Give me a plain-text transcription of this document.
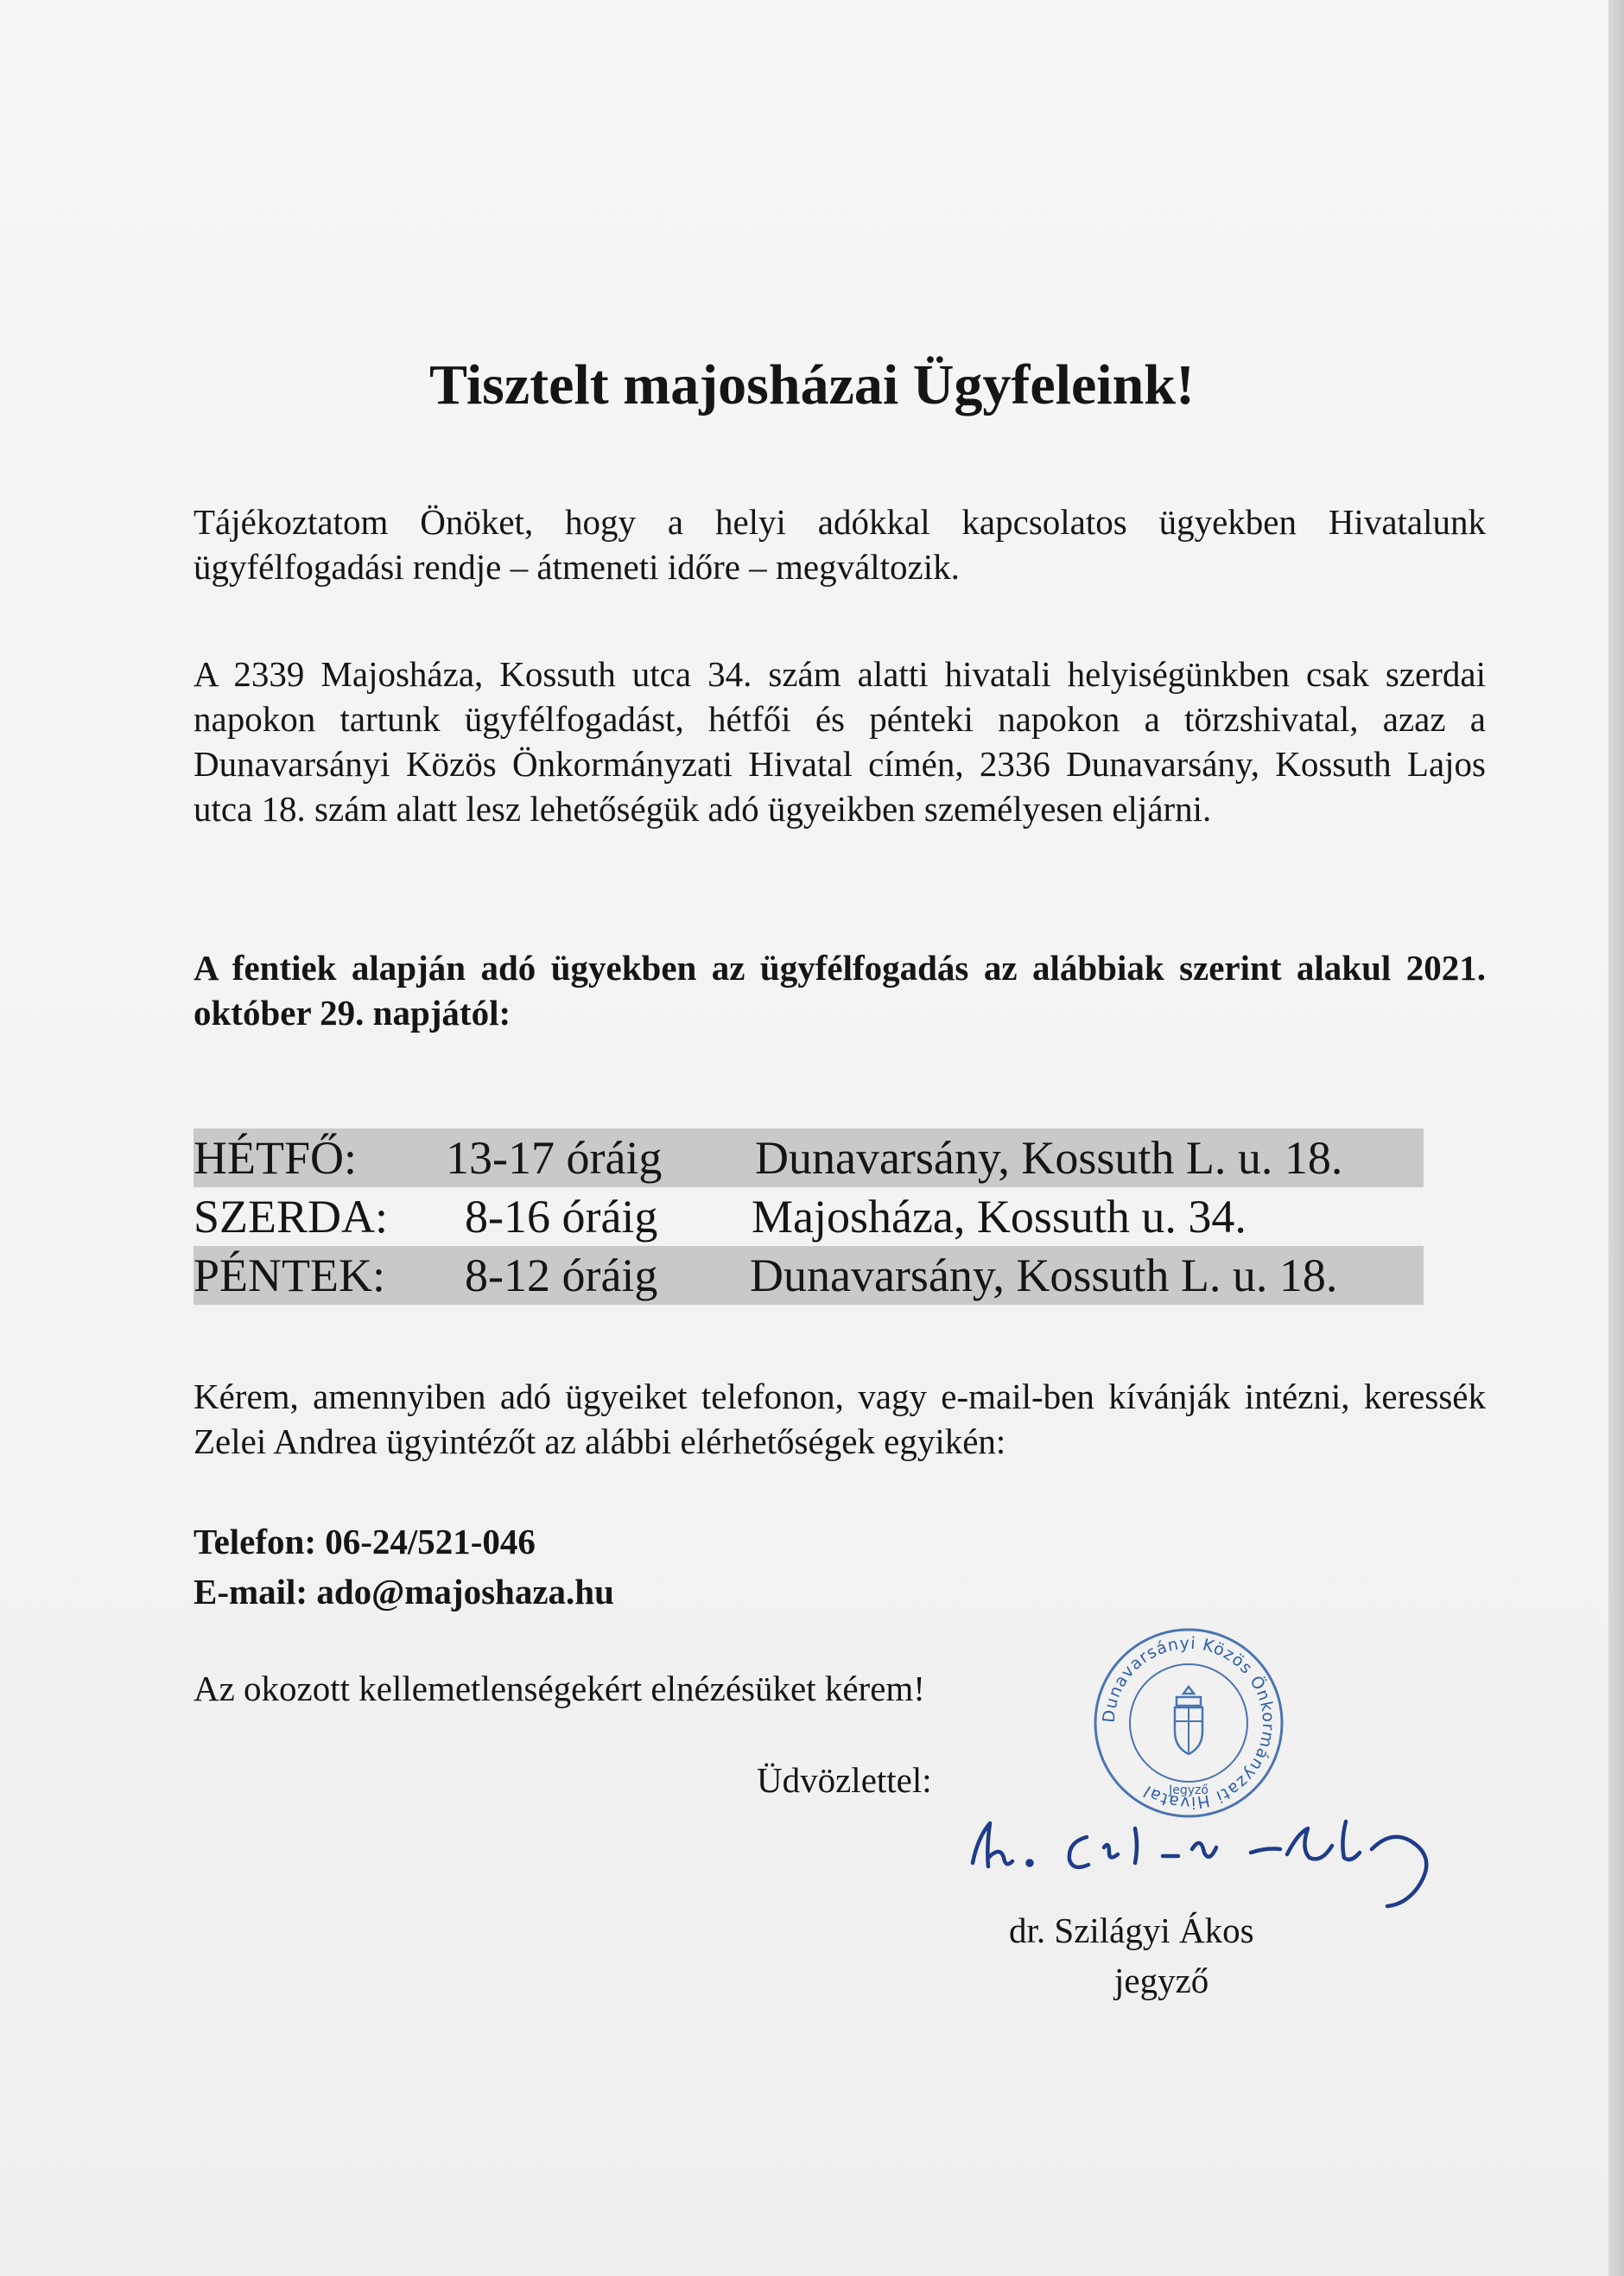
Tisztelt majosházai Ügyfeleink!

Tájékoztatom Önöket, hogy a helyi adókkal kapcsolatos ügyekben Hivatalunk ügyfélfogadási rendje – átmeneti időre – megváltozik.

A 2339 Majosháza, Kossuth utca 34. szám alatti hivatali helyiségünkben csak szerdai napokon tartunk ügyfélfogadást, hétfői és pénteki napokon a törzshivatal, azaz a Dunavarsányi Közös Önkormányzati Hivatal címén, 2336 Dunavarsány, Kossuth Lajos utca 18. szám alatt lesz lehetőségük adó ügyeikben személyesen eljárni.

A fentiek alapján adó ügyekben az ügyfélfogadás az alábbiak szerint alakul 2021. október 29. napjától:

HÉTFŐ: 13-17 óráig Dunavarsány, Kossuth L. u. 18.
SZERDA: 8-16 óráig Majosháza, Kossuth u. 34.
PÉNTEK: 8-12 óráig Dunavarsány, Kossuth L. u. 18.

Kérem, amennyiben adó ügyeiket telefonon, vagy e-mail-ben kívánják intézni, keressék Zelei Andrea ügyintézőt az alábbi elérhetőségek egyikén:

Telefon: 06-24/521-046

E-mail: ado@majoshaza.hu

Az okozott kellemetlenségekért elnézésüket kérem!

Üdvözlettel:

Dunavarsányi Közös Önkormányzati Hivatal	Jegyző

dr. Szilágyi Ákos

jegyző
